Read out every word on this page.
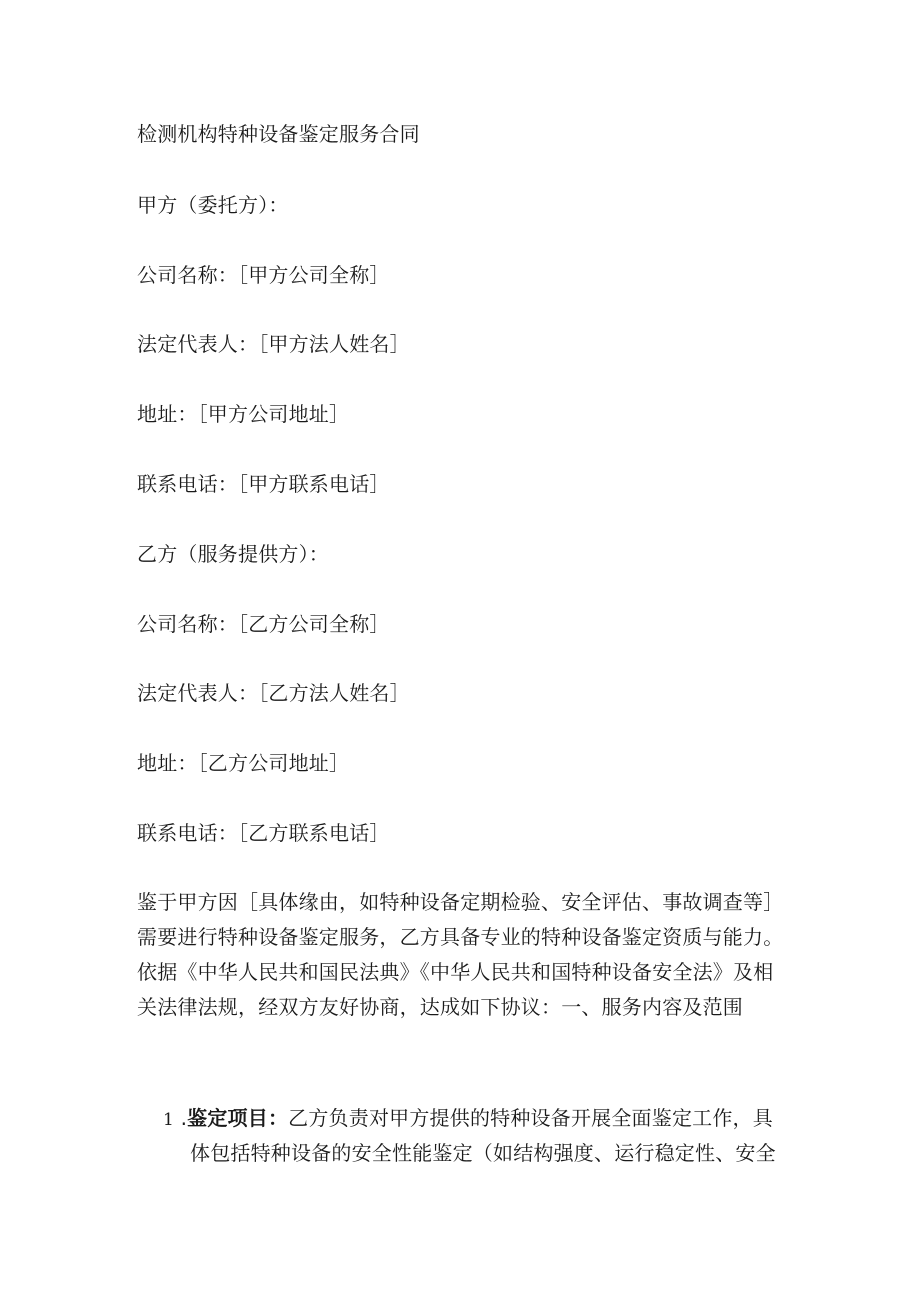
检测机构特种设备鉴定服务合同
甲方（委托方）：
公司名称：［甲方公司全称］
法定代表人：［甲方法人姓名］
地址：［甲方公司地址］
联系电话：［甲方联系电话］
乙方（服务提供方）：
公司名称：［乙方公司全称］
法定代表人：［乙方法人姓名］
地址：［乙方公司地址］
联系电话：［乙方联系电话］
鉴于甲方因［具体缘由，如特种设备定期检验、安全评估、事故调查等］
需要进行特种设备鉴定服务，乙方具备专业的特种设备鉴定资质与能力。
依据《中华人民共和国民法典》《中华人民共和国特种设备安全法》及相
关法律法规，经双方友好协商，达成如下协议：一、服务内容及范围
1 .鉴定项目：乙方负责对甲方提供的特种设备开展全面鉴定工作，具
体包括特种设备的安全性能鉴定（如结构强度、运行稳定性、安全
